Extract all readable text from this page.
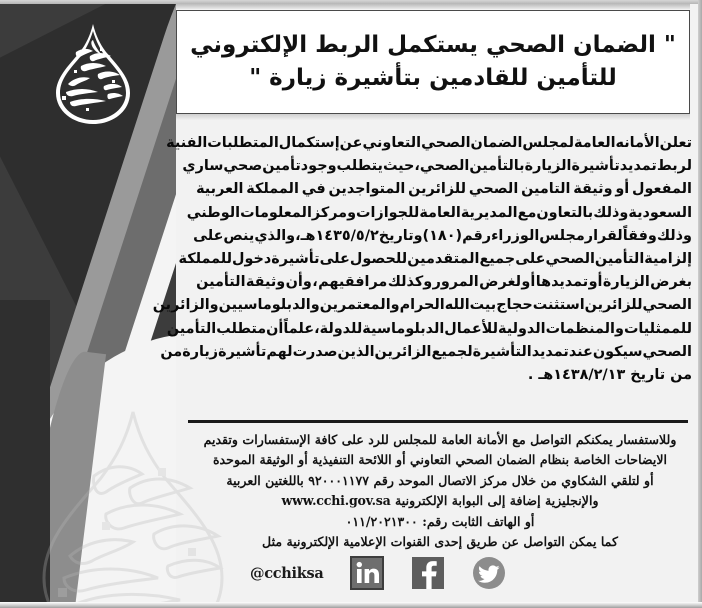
" الضمان الصحي يستكمل الربط الإلكتروني
للتأمين للقادمين بتأشيرة زيارة "
تعلن
الأمانه
العامة
لمجلس
الضمان
الصحي
التعاوني
عن
إستكمال
المتطلبات
الفنية
لربط
تمديد
تأشيرة
الزيارة
بالتأمين
الصحي
،
حيث
يتطلب
وجود
تأمين
صحي
ساري
المفعول
أو
وثيقة
التامين
الصحي
للزائرين
المتواجدين
في
المملكة
العربية
السعودية
وذلك
بالتعاون
مع
المديرية
العامة
للجوازات
ومركز
المعلومات
الوطني
وذلك
وفقاً
لقرار
مجلس
الوزراء
رقم
(١٨٠)
وتاريخ
١٤٣٥/٥/٢هـ
،
والذي
ينص
على
إلزامية
التأمين
الصحي
على
جميع
المتقدمين
للحصول
على
تأشيرة
دخول
للمملكة
بغرض
الزيارة
أو
تمديدها
أو
لغرض
المرور
وكذلك
مرافقيهم
،
وأن
وثيقة
التأمين
الصحي
للزائرين
استثنت
حجاج
بيت
الله
الحرام
والمعتمرين
والدبلوماسيين
والزائرين
للممثليات
والمنظمات
الدولية
للأعمال
الدبلوماسية
للدولة
،
علماً
أن
متطلب
التأمين
الصحي
سيكون
عند
تمديد
التأشيرة
لجميع
الزائرين
الذين
صدرت
لهم
تأشيرة
زيارة
من
من تاريخ ١٤٣٨/٢/١٣هـ .
وللاستفسار يمكنكم التواصل مع الأمانة العامة للمجلس للرد على كافة الإستفسارات وتقديم
الايضاحات الخاصة بنظام الضمان الصحي التعاوني أو اللائحة التنفيذية أو الوثيقة الموحدة
أو لتلقي الشكاوي من خلال مركز الاتصال الموحد رقم ٩٢٠٠٠١١٧٧ باللغتين العربية
والإنجليزية إضافة إلى البوابة الإلكترونية www.cchi.gov.sa
أو الهاتف الثابت رقم: ٠١١/٢٠٢١٣٠٠
كما يمكن التواصل عن طريق إحدى القنوات الإعلامية الإلكترونية مثل
@cchiksa
